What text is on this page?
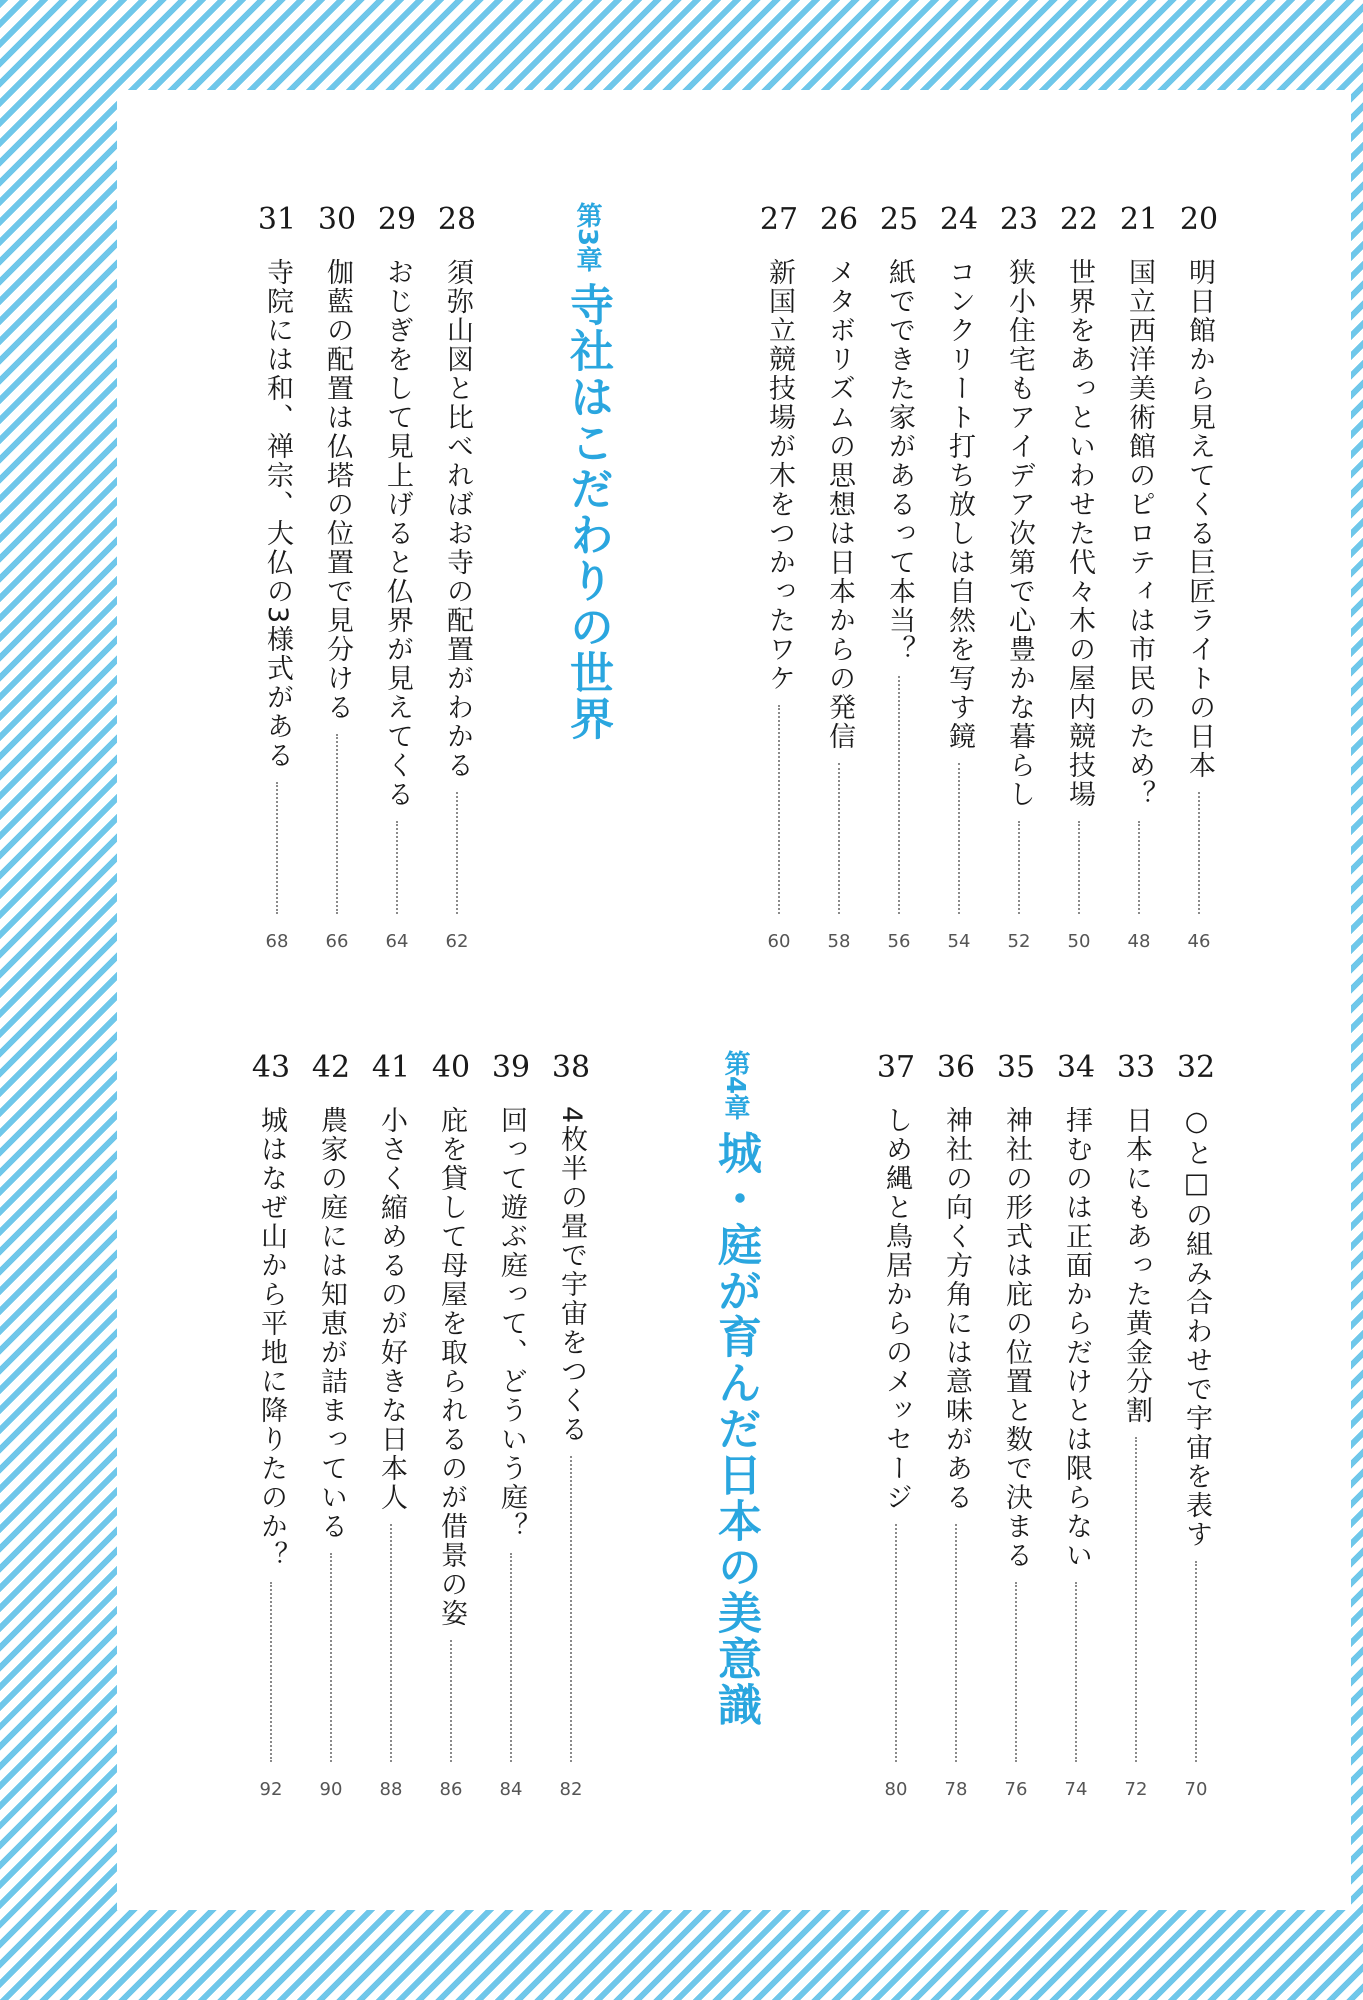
第3章
寺社はこだわりの世界
第4章
城・庭が育んだ日本の美意識
20
明日館から見えてくる巨匠ライトの日本
46
21
国立西洋美術館のピロティは市民のため？
48
22
世界をあっといわせた代々木の屋内競技場
50
23
狭小住宅もアイデア次第で心豊かな暮らし
52
24
コンクリート打ち放しは自然を写す鏡
54
25
紙でできた家があるって本当？
56
26
メタボリズムの思想は日本からの発信
58
27
新国立競技場が木をつかったワケ
60
28
須弥山図と比べればお寺の配置がわかる
62
29
おじぎをして見上げると仏界が見えてくる
64
30
伽藍の配置は仏塔の位置で見分ける
66
31
寺院には和、禅宗、大仏の3様式がある
68
32
○と□の組み合わせで宇宙を表す
70
33
日本にもあった黄金分割
72
34
拝むのは正面からだけとは限らない
74
35
神社の形式は庇の位置と数で決まる
76
36
神社の向く方角には意味がある
78
37
しめ縄と鳥居からのメッセージ
80
38
4枚半の畳で宇宙をつくる
82
39
回って遊ぶ庭って、どういう庭？
84
40
庇を貸して母屋を取られるのが借景の姿
86
41
小さく縮めるのが好きな日本人
88
42
農家の庭には知恵が詰まっている
90
43
城はなぜ山から平地に降りたのか？
92
